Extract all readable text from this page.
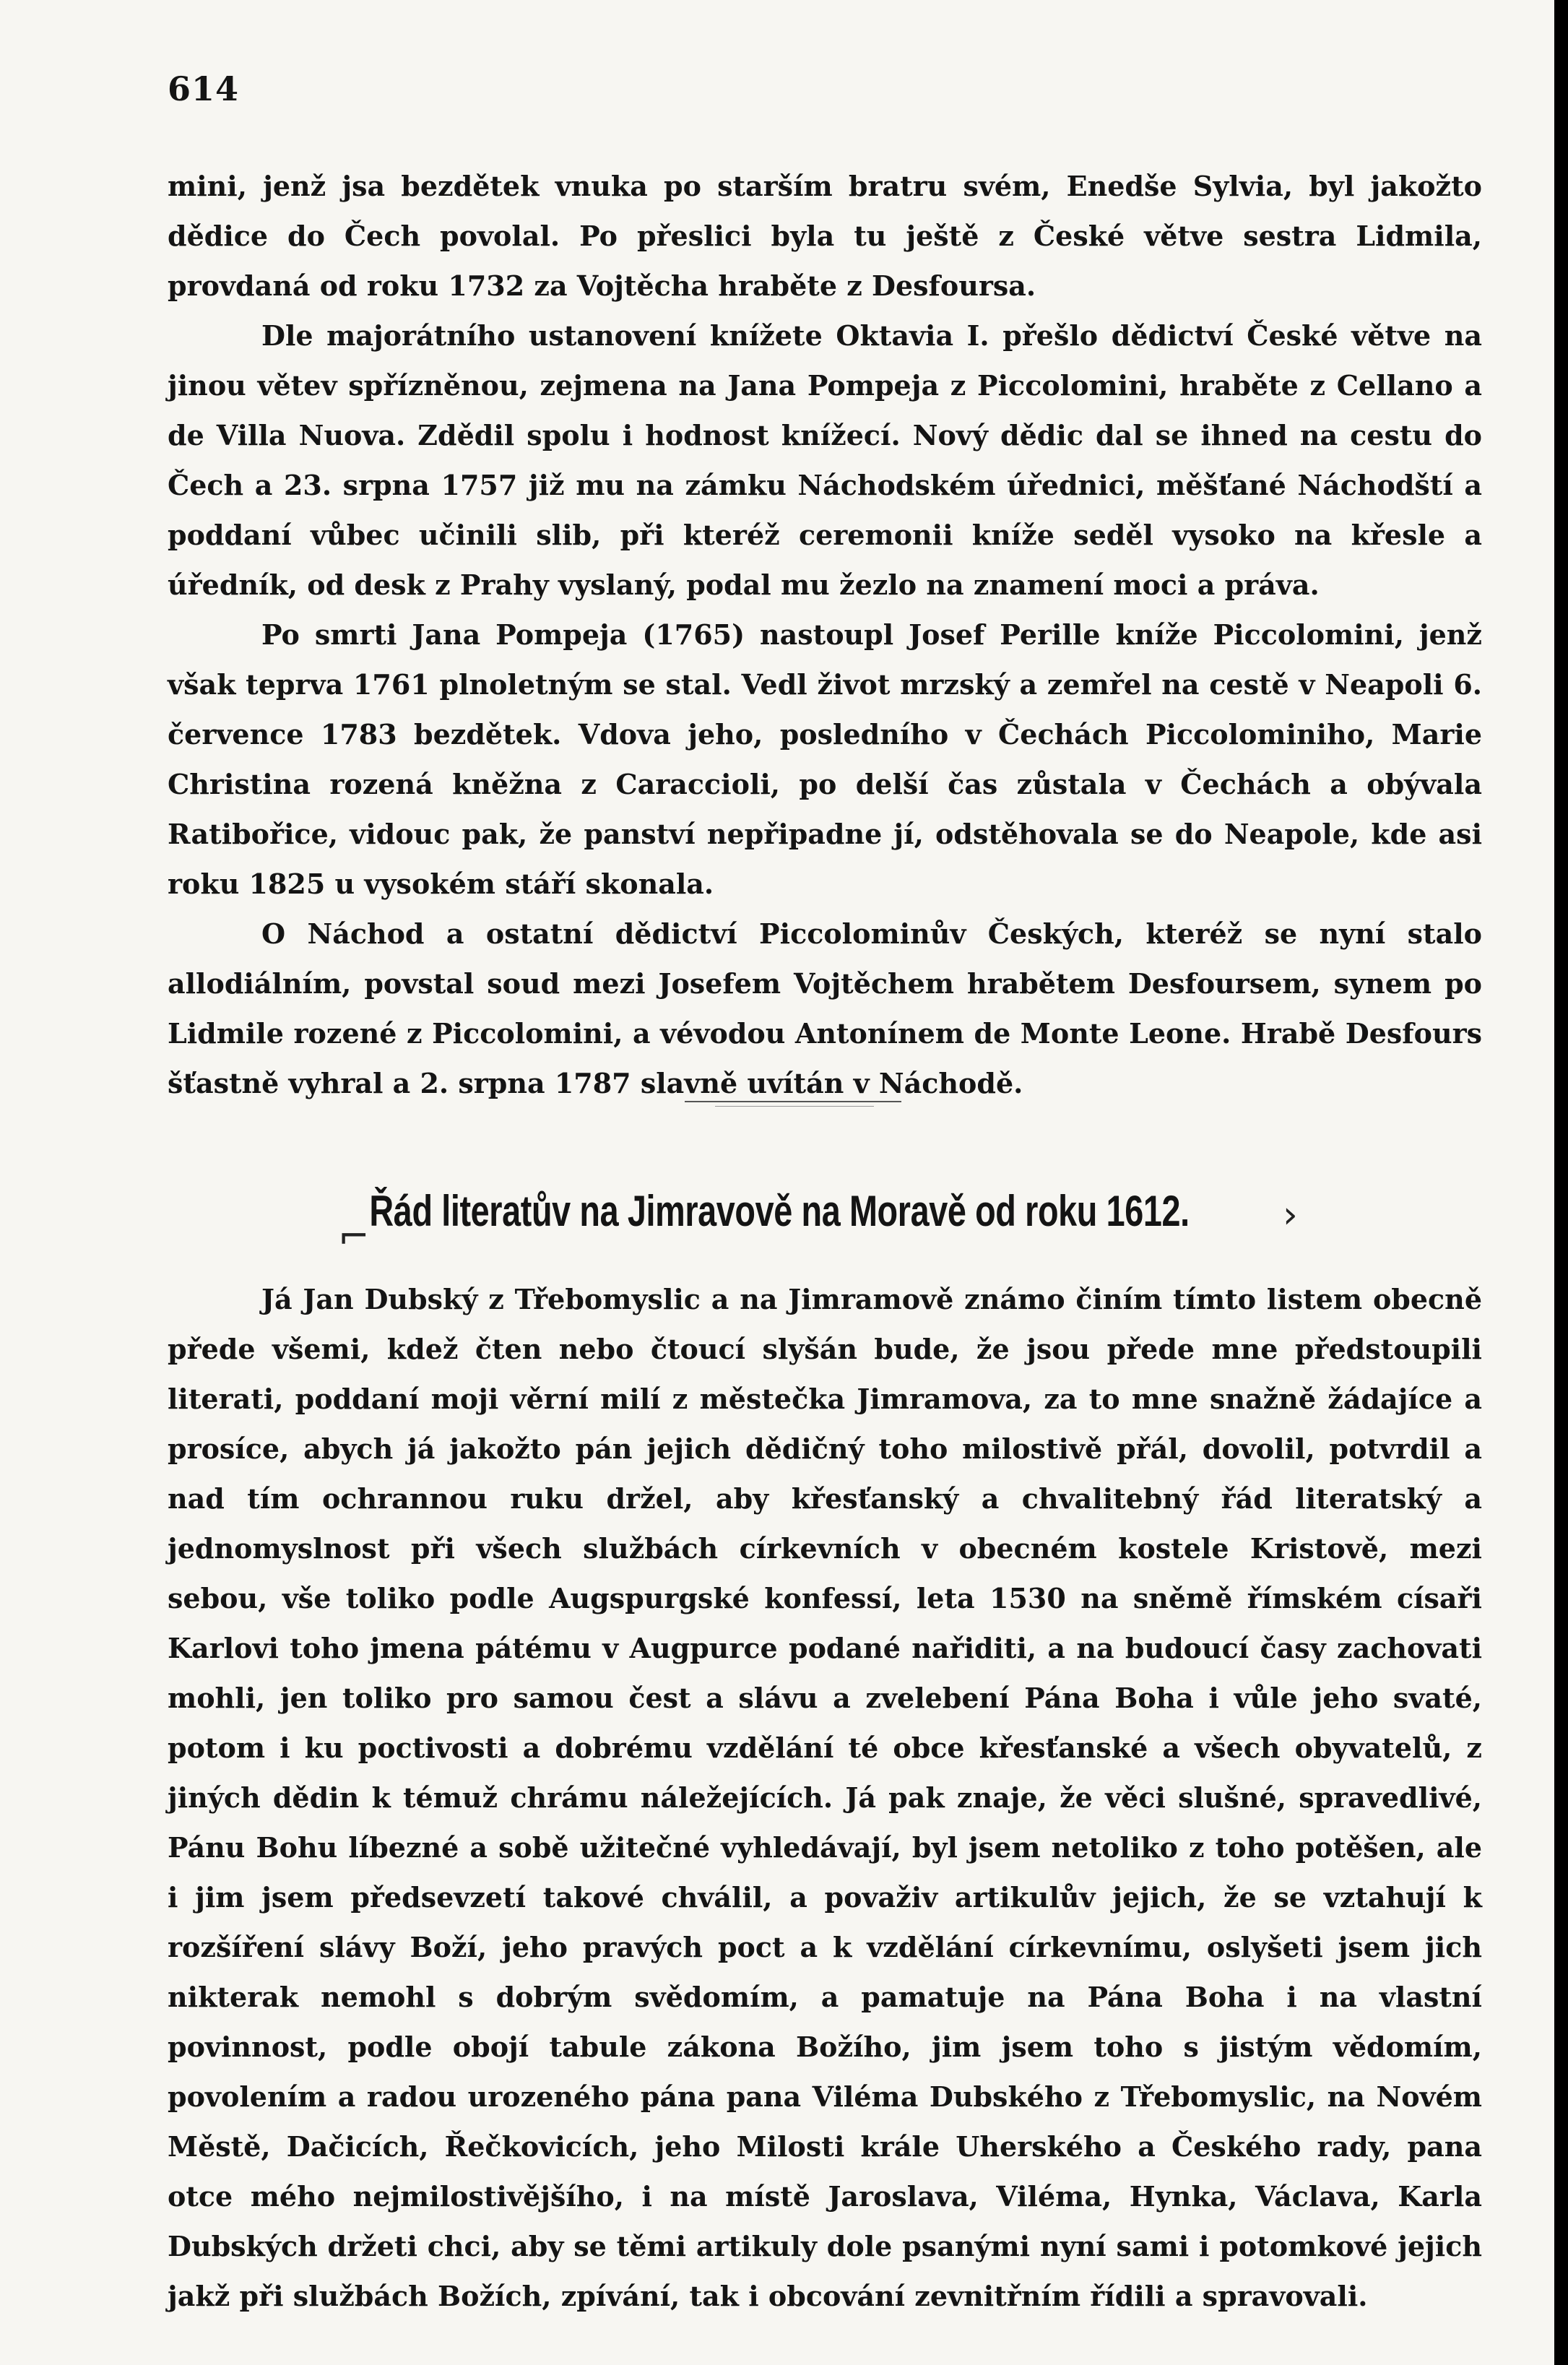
614

mini, jenž jsa bezdětek vnuka po starším bratru svém, Enedše Sylvia, byl jakožto dědice do Čech povolal. Po přeslici byla tu ještě z České větve sestra Lidmila, provdaná od roku 1732 za Vojtěcha hraběte z Desfoursa.

Dle majorátního ustanovení knížete Oktavia I. přešlo dědictví České větve na jinou větev spřízněnou, zejmena na Jana Pompeja z Piccolomini, hraběte z Cellano a de Villa Nuova. Zdědil spolu i hodnost knížecí. Nový dědic dal se ihned na cestu do Čech a 23. srpna 1757 již mu na zámku Náchodském úřednici, měšťané Náchodští a poddaní vůbec učinili slib, při kteréž ceremonii kníže seděl vysoko na křesle a úředník, od desk z Prahy vyslaný, podal mu žezlo na znamení moci a práva.

Po smrti Jana Pompeja (1765) nastoupl Josef Perille kníže Piccolomini, jenž však teprva 1761 plnoletným se stal. Vedl život mrzský a zemřel na cestě v Neapoli 6. července 1783 bezdětek. Vdova jeho, posledního v Čechách Piccolominiho, Marie Christina rozená kněžna z Caraccioli, po delší čas zůstala v Čechách a obývala Ratibořice, vidouc pak, že panství nepřipadne jí, odstěhovala se do Neapole, kde asi roku 1825 u vysokém stáří skonala.

O Náchod a ostatní dědictví Piccolominův Českých, kteréž se nyní stalo allodiálním, povstal soud mezi Josefem Vojtěchem hrabětem Desfoursem, synem po Lidmile rozené z Piccolomini, a vévodou Antonínem de Monte Leone. Hrabě Desfours šťastně vyhral a 2. srpna 1787 slavně uvítán v Náchodě.

Řád literatův na Jimravově na Moravě od roku 1612.
⌐	›

Já Jan Dubský z Třebomyslic a na Jimramově známo činím tímto listem obecně přede všemi, kdež čten nebo čtoucí slyšán bude, že jsou přede mne předstoupili literati, poddaní moji věrní milí z městečka Jimramova, za to mne snažně žádajíce a prosíce, abych já jakožto pán jejich dědičný toho milostivě přál, dovolil, potvrdil a nad tím ochrannou ruku držel, aby křesťanský a chvalitebný řád literatský a jednomyslnost při všech službách církevních v obecném kostele Kristově, mezi sebou, vše toliko podle Augspurgské konfessí, leta 1530 na sněmě římském císaři Karlovi toho jmena pátému v Augpurce podané nařiditi, a na budoucí časy zachovati mohli, jen toliko pro samou čest a slávu a zvelebení Pána Boha i vůle jeho svaté, potom i ku poctivosti a dobrému vzdělání té obce křesťanské a všech obyvatelů, z jiných dědin k témuž chrámu náležejících. Já pak znaje, že věci slušné, spravedlivé, Pánu Bohu líbezné a sobě užitečné vyhledávají, byl jsem netoliko z toho potěšen, ale i jim jsem předsevzetí takové chválil, a považiv artikulův jejich, že se vztahují k rozšíření slávy Boží, jeho pravých poct a k vzdělání církevnímu, oslyšeti jsem jich nikterak nemohl s dobrým svědomím, a pamatuje na Pána Boha i na vlastní povinnost, podle obojí tabule zákona Božího, jim jsem toho s jistým vědomím, povolením a radou urozeného pána pana Viléma Dubského z Třebomyslic, na Novém Městě, Dačicích, Řečkovicích, jeho Milosti krále Uherského a Českého rady, pana otce mého nejmilostivějšího, i na místě Jaroslava, Viléma, Hynka, Václava, Karla Dubských držeti chci, aby se těmi artikuly dole psanými nyní sami i potomkové jejich jakž při službách Božích, zpívání, tak i obcování zevnitřním řídili a spravovali.
